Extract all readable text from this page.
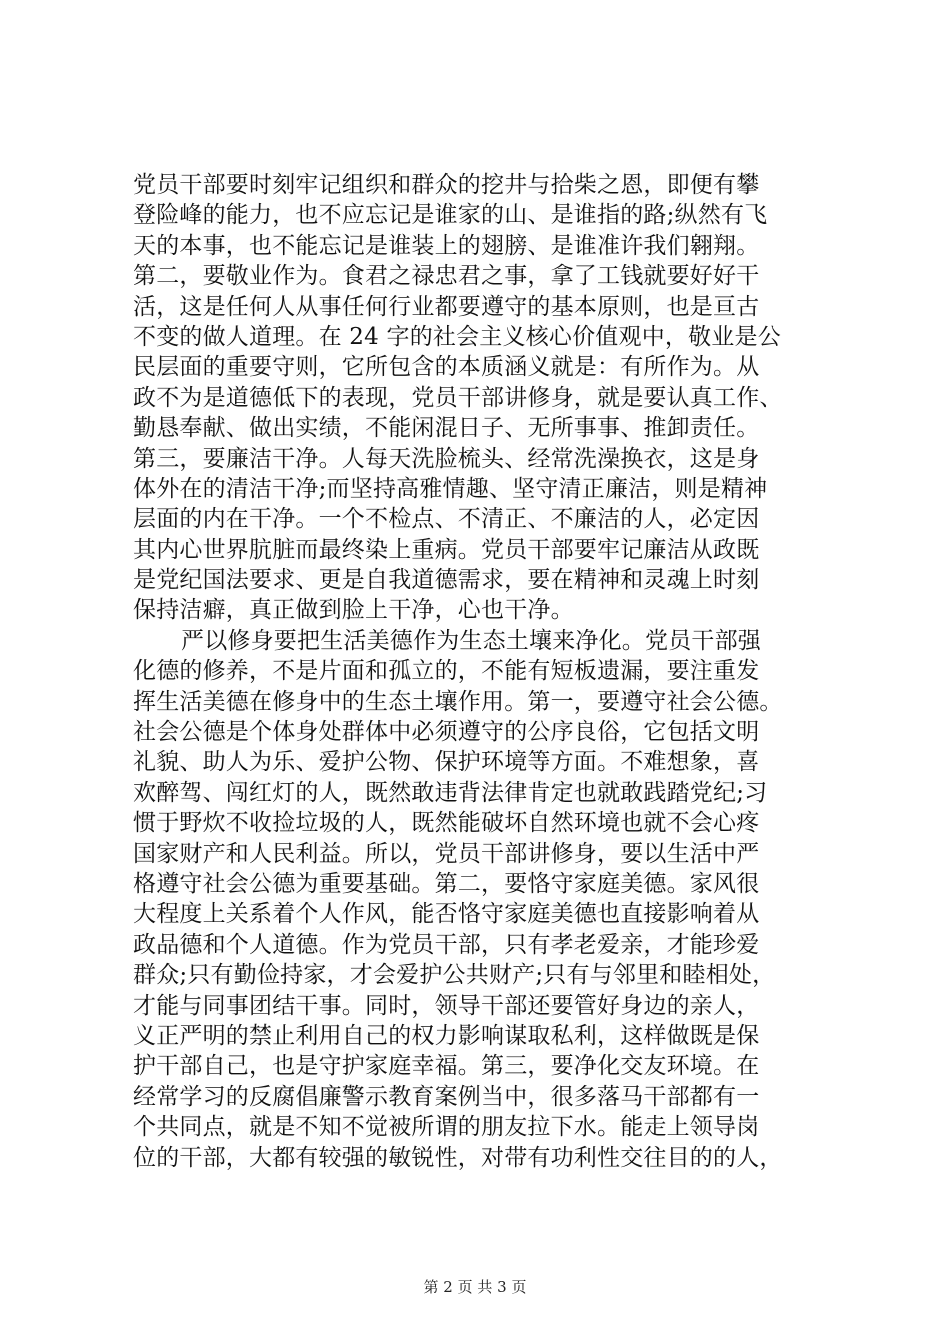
党员干部要时刻牢记组织和群众的挖井与拾柴之恩，即便有攀
登险峰的能力，也不应忘记是谁家的山、是谁指的路;纵然有飞
天的本事，也不能忘记是谁装上的翅膀、是谁准许我们翱翔。
第二，要敬业作为。食君之禄忠君之事，拿了工钱就要好好干
活，这是任何人从事任何行业都要遵守的基本原则，也是亘古
不变的做人道理。在 24 字的社会主义核心价值观中，敬业是公
民层面的重要守则，它所包含的本质涵义就是：有所作为。从
政不为是道德低下的表现，党员干部讲修身，就是要认真工作、
勤恳奉献、做出实绩，不能闲混日子、无所事事、推卸责任。
第三，要廉洁干净。人每天洗脸梳头、经常洗澡换衣，这是身
体外在的清洁干净;而坚持高雅情趣、坚守清正廉洁，则是精神
层面的内在干净。一个不检点、不清正、不廉洁的人，必定因
其内心世界肮脏而最终染上重病。党员干部要牢记廉洁从政既
是党纪国法要求、更是自我道德需求，要在精神和灵魂上时刻
保持洁癖，真正做到脸上干净，心也干净。
严以修身要把生活美德作为生态土壤来净化。党员干部强
化德的修养，不是片面和孤立的，不能有短板遗漏，要注重发
挥生活美德在修身中的生态土壤作用。第一，要遵守社会公德。
社会公德是个体身处群体中必须遵守的公序良俗，它包括文明
礼貌、助人为乐、爱护公物、保护环境等方面。不难想象，喜
欢醉驾、闯红灯的人，既然敢违背法律肯定也就敢践踏党纪;习
惯于野炊不收捡垃圾的人，既然能破坏自然环境也就不会心疼
国家财产和人民利益。所以，党员干部讲修身，要以生活中严
格遵守社会公德为重要基础。第二，要恪守家庭美德。家风很
大程度上关系着个人作风，能否恪守家庭美德也直接影响着从
政品德和个人道德。作为党员干部，只有孝老爱亲，才能珍爱
群众;只有勤俭持家，才会爱护公共财产;只有与邻里和睦相处，
才能与同事团结干事。同时，领导干部还要管好身边的亲人，
义正严明的禁止利用自己的权力影响谋取私利，这样做既是保
护干部自己，也是守护家庭幸福。第三，要净化交友环境。在
经常学习的反腐倡廉警示教育案例当中，很多落马干部都有一
个共同点，就是不知不觉被所谓的朋友拉下水。能走上领导岗
位的干部，大都有较强的敏锐性，对带有功利性交往目的的人，
第 2 页 共 3 页
